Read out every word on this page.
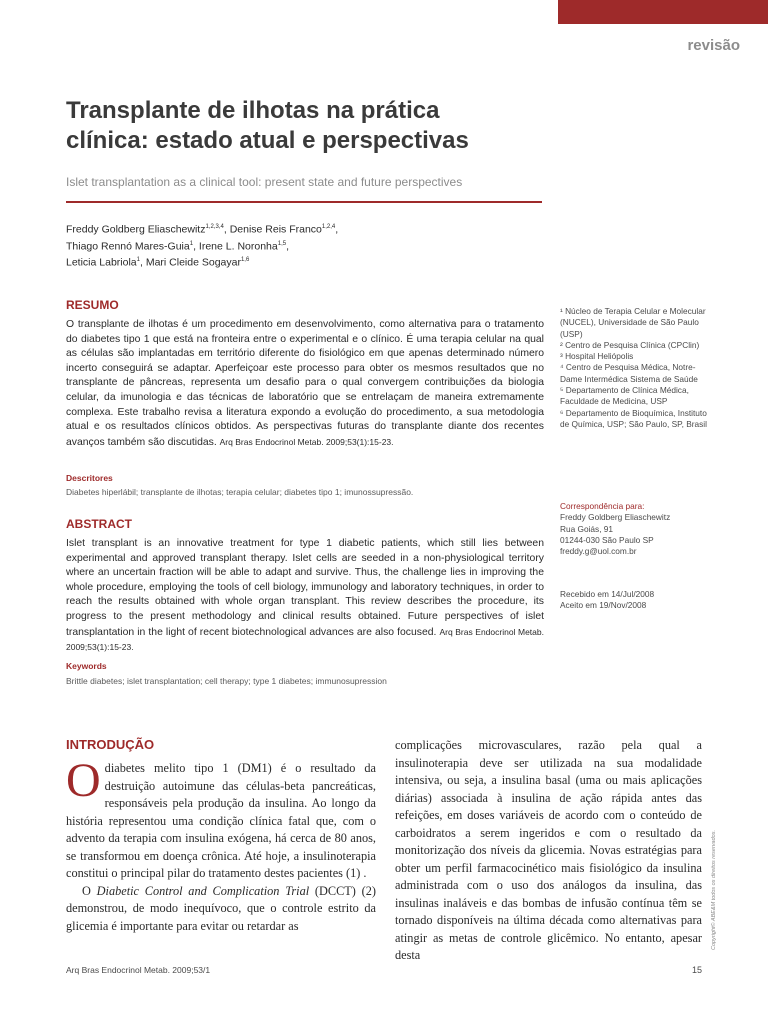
revisão
Transplante de ilhotas na prática
clínica: estado atual e perspectivas
Islet transplantation as a clinical tool: present state and future perspectives
Freddy Goldberg Eliaschewitz$^{1,2,3,4}$, Denise Reis Franco$^{1,2,4}$,
Thiago Rennó Mares-Guia$^1$, Irene L. Noronha$^{1,5}$,
Leticia Labriola$^1$, Mari Cleide Sogayar$^{1,6}$
RESUMO
O transplante de ilhotas é um procedimento em desenvolvimento, como alternativa para o tratamento do diabetes tipo 1 que está na fronteira entre o experimental e o clínico. É uma terapia celular na qual as células são implantadas em território diferente do fisiológico em que apenas determinado número incerto conseguirá se adaptar. Aperfeiçoar este processo para obter os mesmos resultados que no transplante de pâncreas, representa um desafio para o qual convergem contribuições da biologia celular, da imunologia e das técnicas de laboratório que se entrelaçam de maneira extremamente complexa. Este trabalho revisa a literatura expondo a evolução do procedimento, a sua metodologia atual e os resultados clínicos obtidos. As perspectivas futuras do transplante diante dos recentes avanços também são discutidas. Arq Bras Endocrinol Metab. 2009;53(1):15-23.
Descritores
Diabetes hiperlábil; transplante de ilhotas; terapia celular; diabetes tipo 1; imunossupressão.
ABSTRACT
Islet transplant is an innovative treatment for type 1 diabetic patients, which still lies between experimental and approved transplant therapy. Islet cells are seeded in a non-physiological territory where an uncertain fraction will be able to adapt and survive. Thus, the challenge lies in improving the whole procedure, employing the tools of cell biology, immunology and laboratory techniques, in order to reach the results obtained with whole organ transplant. This review describes the procedure, its progress to the present methodology and clinical results obtained. Future perspectives of islet transplantation in the light of recent biotechnological advances are also focused. Arq Bras Endocrinol Metab. 2009;53(1):15-23.
Keywords
Brittle diabetes; islet transplantation; cell therapy; type 1 diabetes; immunosupression
¹ Núcleo de Terapia Celular e Molecular (NUCEL), Universidade de São Paulo (USP)
² Centro de Pesquisa Clínica (CPClin)
³ Hospital Heliópolis
⁴ Centro de Pesquisa Médica, Notre-Dame Intermédica Sistema de Saúde
⁵ Departamento de Clínica Médica, Faculdade de Medicina, USP
⁶ Departamento de Bioquímica, Instituto de Química, USP; São Paulo, SP, Brasil
Correspondência para:
Freddy Goldberg Eliaschewitz
Rua Goiás, 91
01244-030 São Paulo SP
freddy.g@uol.com.br
Recebido em 14/Jul/2008
Aceito em 19/Nov/2008
Copyright© ABE&M todos os direitos reservados.
INTRODUÇÃO

Odiabetes melito tipo 1 (DM1) é o resultado da destruição autoimune das células-beta pancreáticas, responsáveis pela produção da insulina. Ao longo da história representou uma condição clínica fatal que, com o advento da terapia com insulina exógena, há cerca de 80 anos, se transformou em doença crônica. Até hoje, a insulinoterapia constitui o principal pilar do tratamento destes pacientes (1) .

O Diabetic Control and Complication Trial (DCCT) (2) demonstrou, de modo inequívoco, que o controle estrito da glicemia é importante para evitar ou retardar as

complicações microvasculares, razão pela qual a insulinoterapia deve ser utilizada na sua modalidade intensiva, ou seja, a insulina basal (uma ou mais aplicações diárias) associada à insulina de ação rápida antes das refeições, em doses variáveis de acordo com o conteúdo de carboidratos a serem ingeridos e com o resultado da monitorização dos níveis da glicemia. Novas estratégias para obter um perfil farmacocinético mais fisiológico da insulina administrada com o uso dos análogos da insulina, das insulinas inaláveis e das bombas de infusão contínua têm se tornado disponíveis na última década como alternativas para atingir as metas de controle glicêmico. No entanto, apesar desta

Arq Bras Endocrinol Metab. 2009;53/1	15
